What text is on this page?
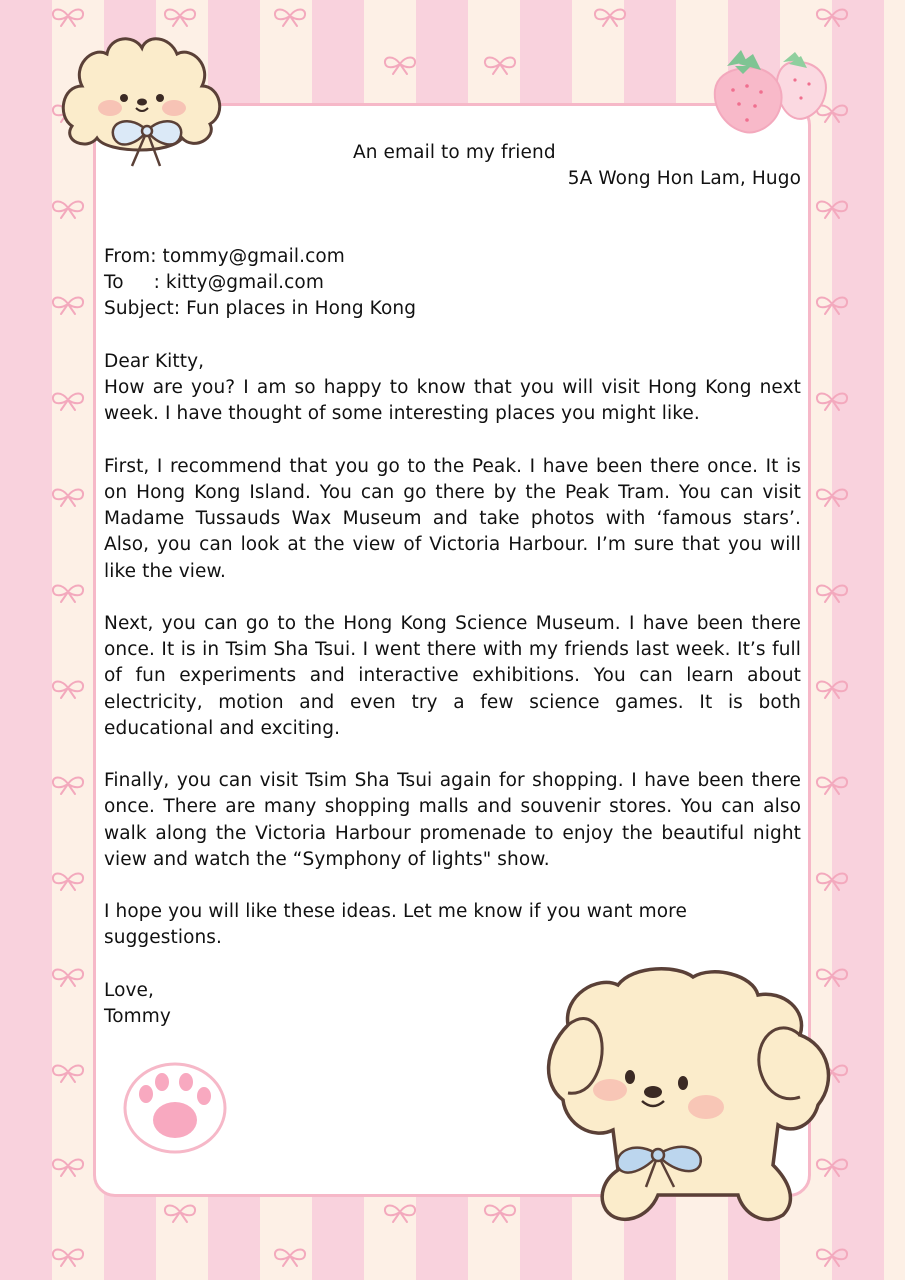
An email to my friend
5A Wong Hon Lam, Hugo
From: tommy@gmail.com
To     : kitty@gmail.com
Subject: Fun places in Hong Kong
Dear Kitty,

How are you? I am so happy to know that you will visit Hong Kong next week. I have thought of some interesting places you might like.

First, I recommend that you go to the Peak. I have been there once. It is on Hong Kong Island. You can go there by the Peak Tram. You can visit Madame Tussauds Wax Museum and take photos with ‘famous stars’. Also, you can look at the view of Victoria Harbour. I’m sure that you will like the view.

Next, you can go to the Hong Kong Science Museum. I have been there once. It is in Tsim Sha Tsui. I went there with my friends last week. It’s full of fun experiments and interactive exhibitions. You can learn about electricity, motion and even try a few science games. It is both educational and exciting.

Finally, you can visit Tsim Sha Tsui again for shopping. I have been there once. There are many shopping malls and souvenir stores. You can also walk along the Victoria Harbour promenade to enjoy the beautiful night view and watch the “Symphony of lights" show.

I hope you will like these ideas. Let me know if you want more suggestions.

Love,
Tommy
